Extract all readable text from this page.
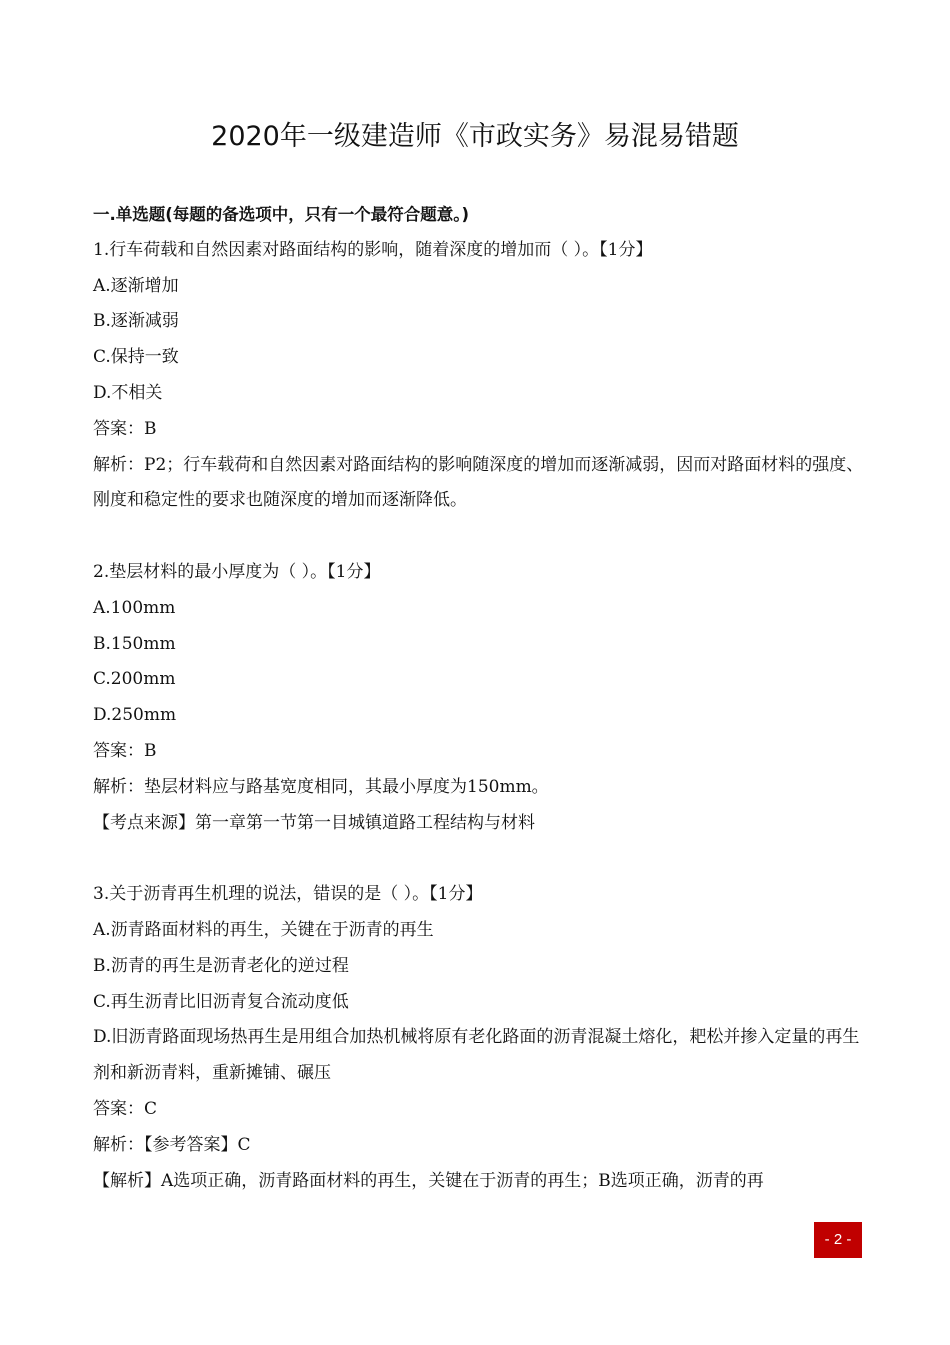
2020年一级建造师《市政实务》易混易错题
一.单选题(每题的备选项中，只有一个最符合题意。)
1.行车荷载和自然因素对路面结构的影响，随着深度的增加而（ ）。【1分】
A.逐渐增加
B.逐渐减弱
C.保持一致
D.不相关
答案：B
解析：P2；行车载荷和自然因素对路面结构的影响随深度的增加而逐渐减弱，因而对路面材料的强度、刚度和稳定性的要求也随深度的增加而逐渐降低。
2.垫层材料的最小厚度为（ ）。【1分】
A.100mm
B.150mm
C.200mm
D.250mm
答案：B
解析：垫层材料应与路基宽度相同，其最小厚度为150mm。
【考点来源】第一章第一节第一目城镇道路工程结构与材料
3.关于沥青再生机理的说法，错误的是（ ）。【1分】
A.沥青路面材料的再生，关键在于沥青的再生
B.沥青的再生是沥青老化的逆过程
C.再生沥青比旧沥青复合流动度低
D.旧沥青路面现场热再生是用组合加热机械将原有老化路面的沥青混凝土熔化，耙松并掺入定量的再生剂和新沥青料，重新摊铺、碾压
答案：C
解析：【参考答案】C
【解析】A选项正确，沥青路面材料的再生，关键在于沥青的再生；B选项正确，沥青的再
- 2 -
